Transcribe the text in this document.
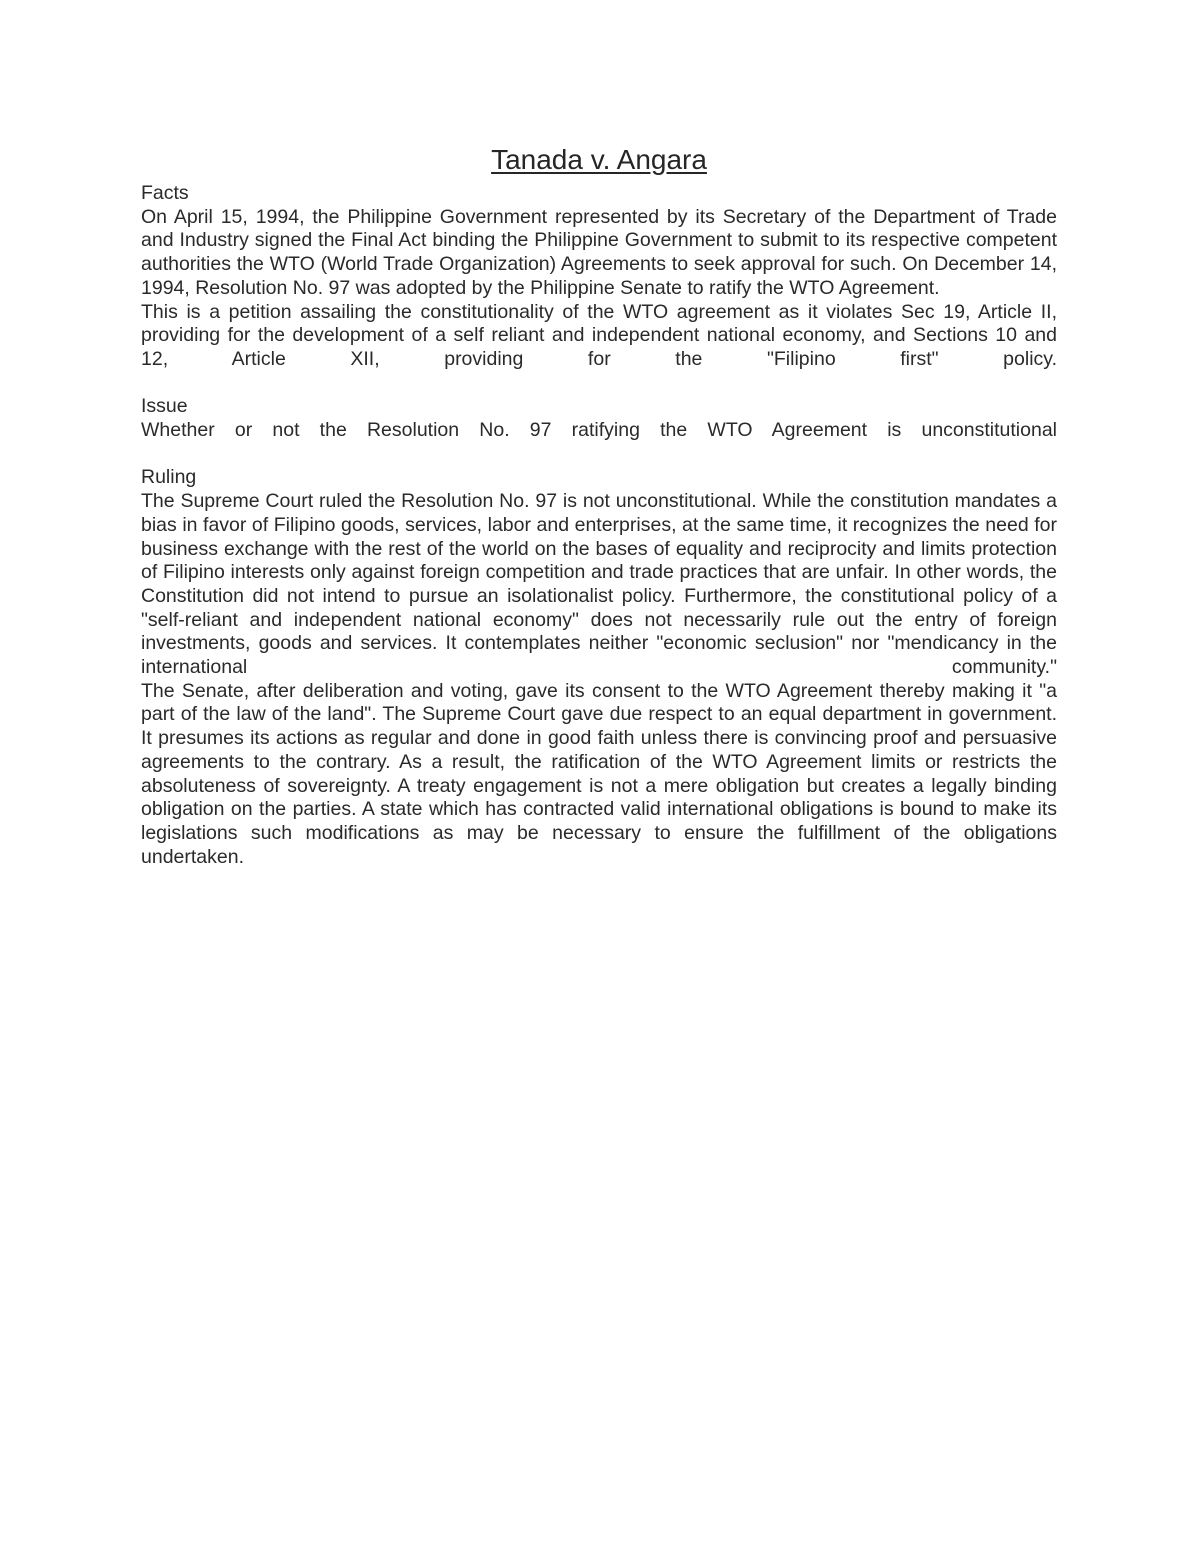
Tanada v. Angara

Facts

On April 15, 1994, the Philippine Government represented by its Secretary of the Department of Trade and Industry signed the Final Act binding the Philippine Government to submit to its respective competent authorities the WTO (World Trade Organization) Agreements to seek approval for such. On December 14, 1994, Resolution No. 97 was adopted by the Philippine Senate to ratify the WTO Agreement.

This is a petition assailing the constitutionality of the WTO agreement as it violates Sec 19, Article II, providing for the development of a self reliant and independent national economy, and Sections 10 and 12, Article XII, providing for the "Filipino first" policy.

Issue

Whether or not the Resolution No. 97 ratifying the WTO Agreement is unconstitutional

Ruling

The Supreme Court ruled the Resolution No. 97 is not unconstitutional. While the constitution mandates a bias in favor of Filipino goods, services, labor and enterprises, at the same time, it recognizes the need for business exchange with the rest of the world on the bases of equality and reciprocity and limits protection of Filipino interests only against foreign competition and trade practices that are unfair. In other words, the Constitution did not intend to pursue an isolationalist policy. Furthermore, the constitutional policy of a "self-reliant and independent national economy" does not necessarily rule out the entry of foreign investments, goods and services. It contemplates neither "economic seclusion" nor "mendicancy in the international community."

The Senate, after deliberation and voting, gave its consent to the WTO Agreement thereby making it "a part of the law of the land". The Supreme Court gave due respect to an equal department in government. It presumes its actions as regular and done in good faith unless there is convincing proof and persuasive agreements to the contrary. As a result, the ratification of the WTO Agreement limits or restricts the absoluteness of sovereignty. A treaty engagement is not a mere obligation but creates a legally binding obligation on the parties. A state which has contracted valid international obligations is bound to make its legislations such modifications as may be necessary to ensure the fulfillment of the obligations undertaken.
